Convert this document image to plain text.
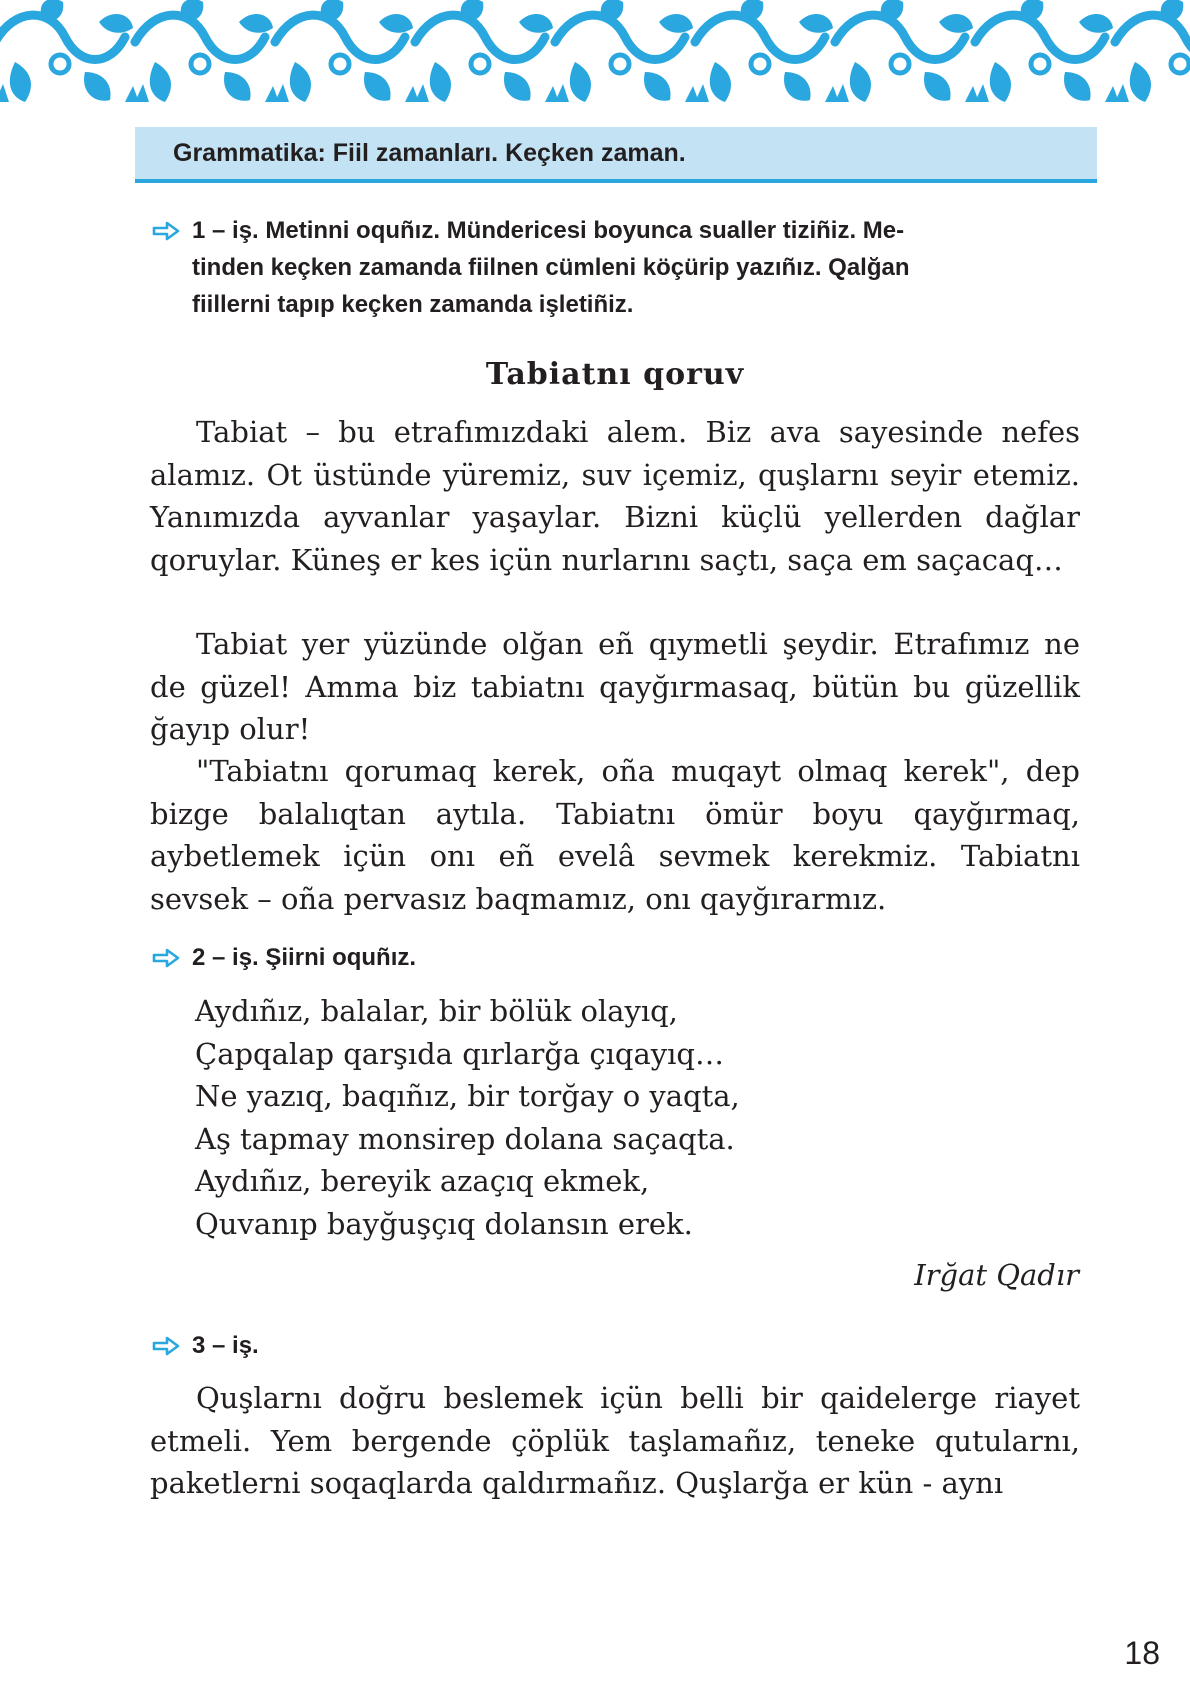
Grammatika: Fiil zamanları. Keçken zaman.
1 – iş. Metinni oquñız. Mündericesi boyunca sualler tiziñiz. Me-
tinden keçken zamanda fiilnen cümleni köçürip yazıñız. Qalğan
fiillerni tapıp keçken zamanda işletiñiz.
Tabiatnı qoruv

Tabiat – bu etrafımızdaki alem. Biz ava sayesinde nefes alamız. Ot üstünde yüremiz, suv içemiz, quşlarnı seyir etemiz. Yanımızda ayvanlar yaşaylar. Bizni küçlü yellerden dağlar qoruylar. Küneş er kes içün nurlarını saçtı, saça em saçacaq…

Tabiat yer yüzünde olğan eñ qıymetli şeydir. Etrafımız ne de güzel! Amma biz tabiatnı qayğırmasaq, bütün bu güzellik ğayıp olur!

"Tabiatnı qorumaq kerek, oña muqayt olmaq kerek", dep bizge balalıqtan aytıla. Tabiatnı ömür boyu qayğırmaq, aybetlemek içün onı eñ evelâ sevmek kerekmiz. Tabiatnı sevsek – oña pervasız baqmamız, onı qayğırarmız.

2 – iş. Şiirni oquñız.
Aydıñız, balalar, bir bölük olayıq,
Çapqalap qarşıda qırlarğa çıqayıq…
Ne yazıq, baqıñız, bir torğay o yaqta,
Aş tapmay monsirep dolana saçaqta.
Aydıñız, bereyik azaçıq ekmek,
Quvanıp bayğuşçıq dolansın erek.
Irğat Qadır
3 – iş.

Quşlarnı doğru beslemek içün belli bir qaidelerge riayet etmeli. Yem bergende çöplük taşlamañız, teneke qutularnı, paketlerni soqaqlarda qaldırmañız. Quşlarğa er kün - aynı

18
